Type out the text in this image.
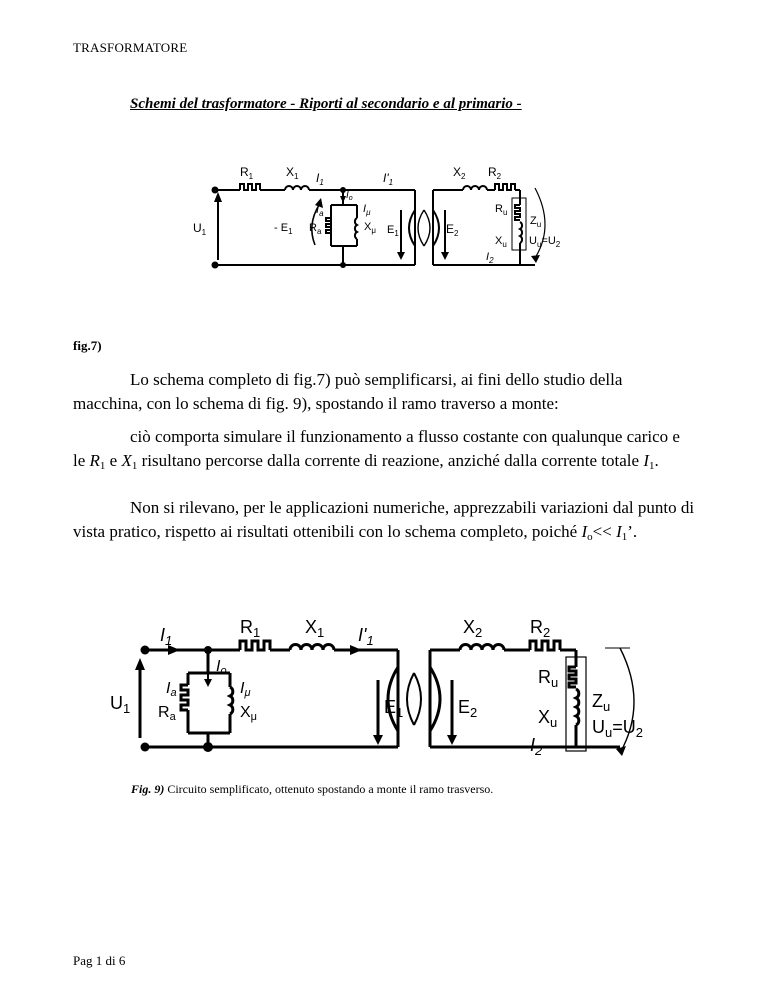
TRASFORMATORE
Schemi del trasformatore - Riporti al secondario e al primario -
$R_1$	$X_1$ $I_1$	$I'_1$
$X_2$ $R_2$
$I_o$
$I_a$	$I_\mu$
- $E_1$ $R_a$	$X_\mu$ $E_1$	$E_2$
$R_u$
$Z_u$
$X_u$ $U_u=U_2$
$I_2$
$U_1$
fig.7)
Lo schema completo di fig.7) può semplificarsi, ai fini dello studio della macchina, con lo schema di fig. 9), spostando il ramo traverso a monte:
ciò comporta simulare il funzionamento a flusso costante con qualunque carico e le $R_1$ e $X_1$ risultano percorse dalla corrente di reazione, anziché dalla corrente totale $I_1$.
Non si rilevano, per le applicazioni numeriche, apprezzabili variazioni dal punto di vista pratico, rispetto ai risultati ottenibili con lo schema completo, poiché $I_o<< I_1$’.
$I_1$
$R_1$ $X_1$ $I'_1$
$X_2$	$R_2$
Io
Ia	Iμ
Ra	Xμ
$U_1$	$E_1$	$E_2$
$R_u$
$Z_u$
$X_u$ $U_u=U_2$
$I_2$
Fig. 9) Circuito semplificato, ottenuto spostando a monte il ramo trasverso.
Pag 1 di 6
